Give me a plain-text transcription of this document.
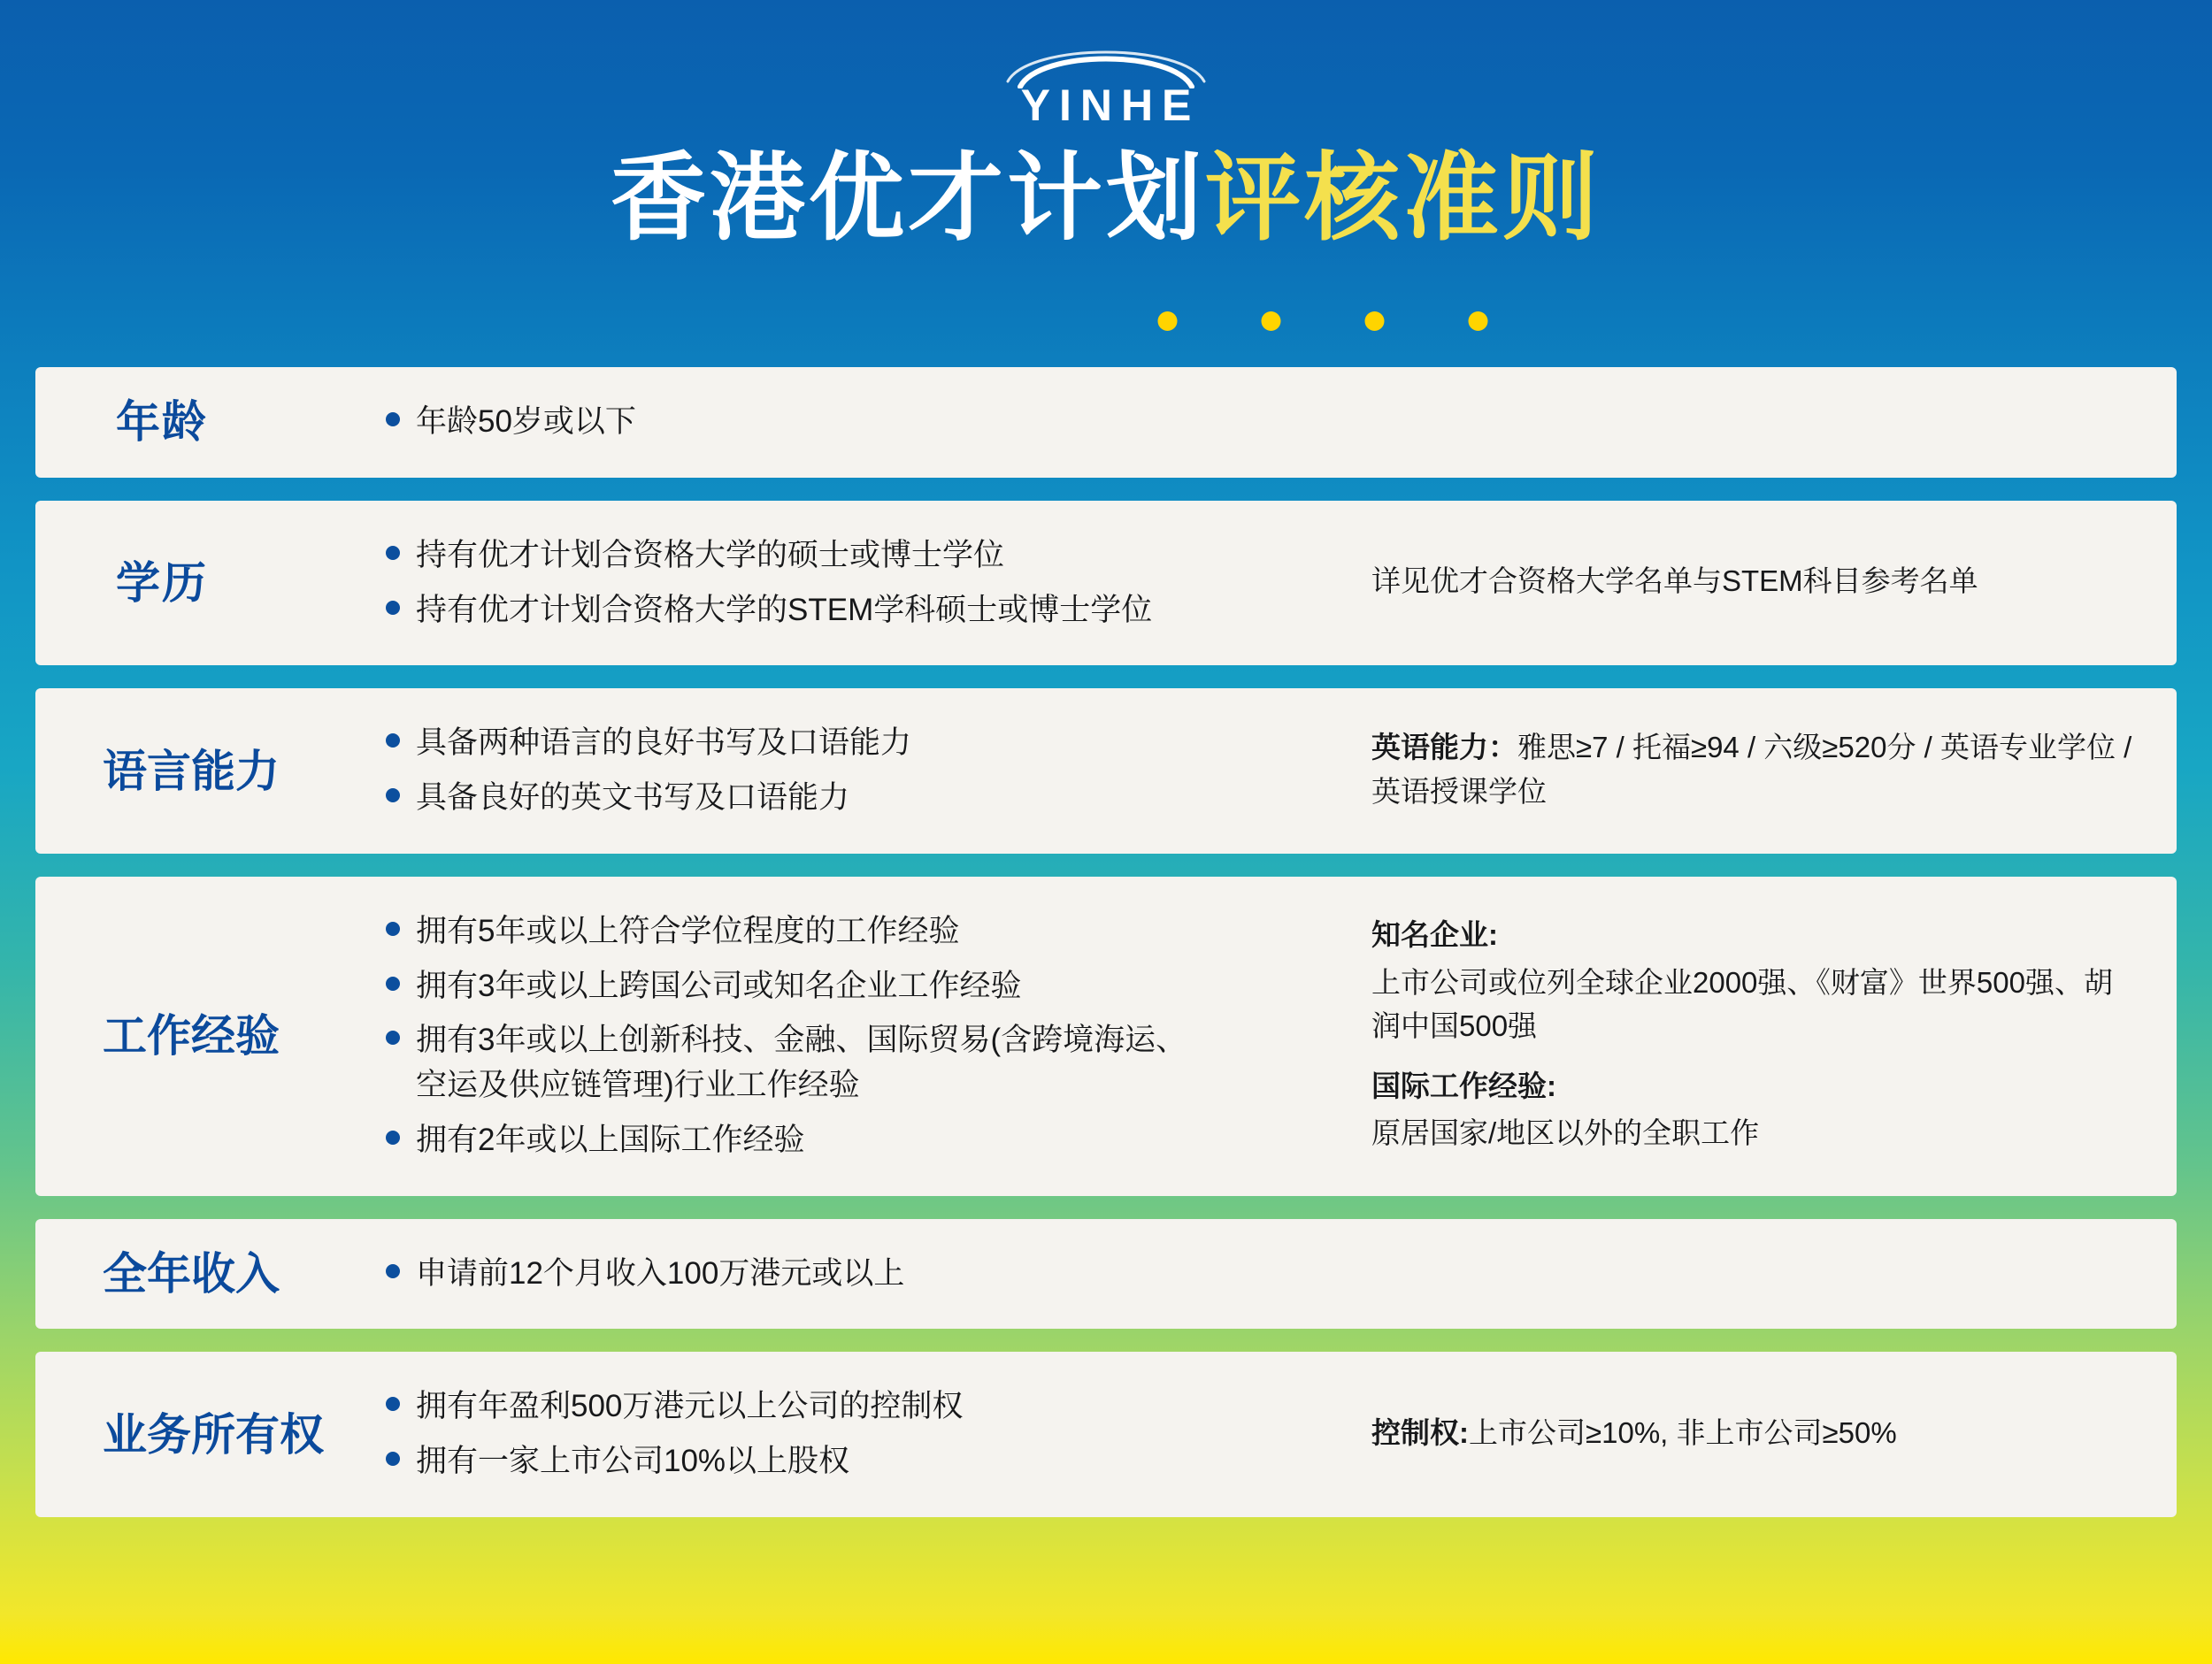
YINHE
香港优才计划评核准则
年龄	年龄50岁或以下
学历
持有优才计划合资格大学的硕士或博士学位
持有优才计划合资格大学的STEM学科硕士或博士学位

详见优才合资格大学名单与STEM科目参考名单

语言能力
具备两种语言的良好书写及口语能力
具备良好的英文书写及口语能力

英语能力：雅思≥7 / 托福≥94 / 六级≥520分 / 英语专业学位 / 英语授课学位

工作经验
拥有5年或以上符合学位程度的工作经验
拥有3年或以上跨国公司或知名企业工作经验
拥有3年或以上创新科技、金融、国际贸易(含跨境海运、空运及供应链管理)行业工作经验
拥有2年或以上国际工作经验

知名企业:

上市公司或位列全球企业2000强、《财富》世界500强、胡润中国500强

国际工作经验:

原居国家/地区以外的全职工作

全年收入	申请前12个月收入100万港元或以上
业务所有权
拥有年盈利500万港元以上公司的控制权
拥有一家上市公司10%以上股权

控制权:上市公司≥10%, 非上市公司≥50%
